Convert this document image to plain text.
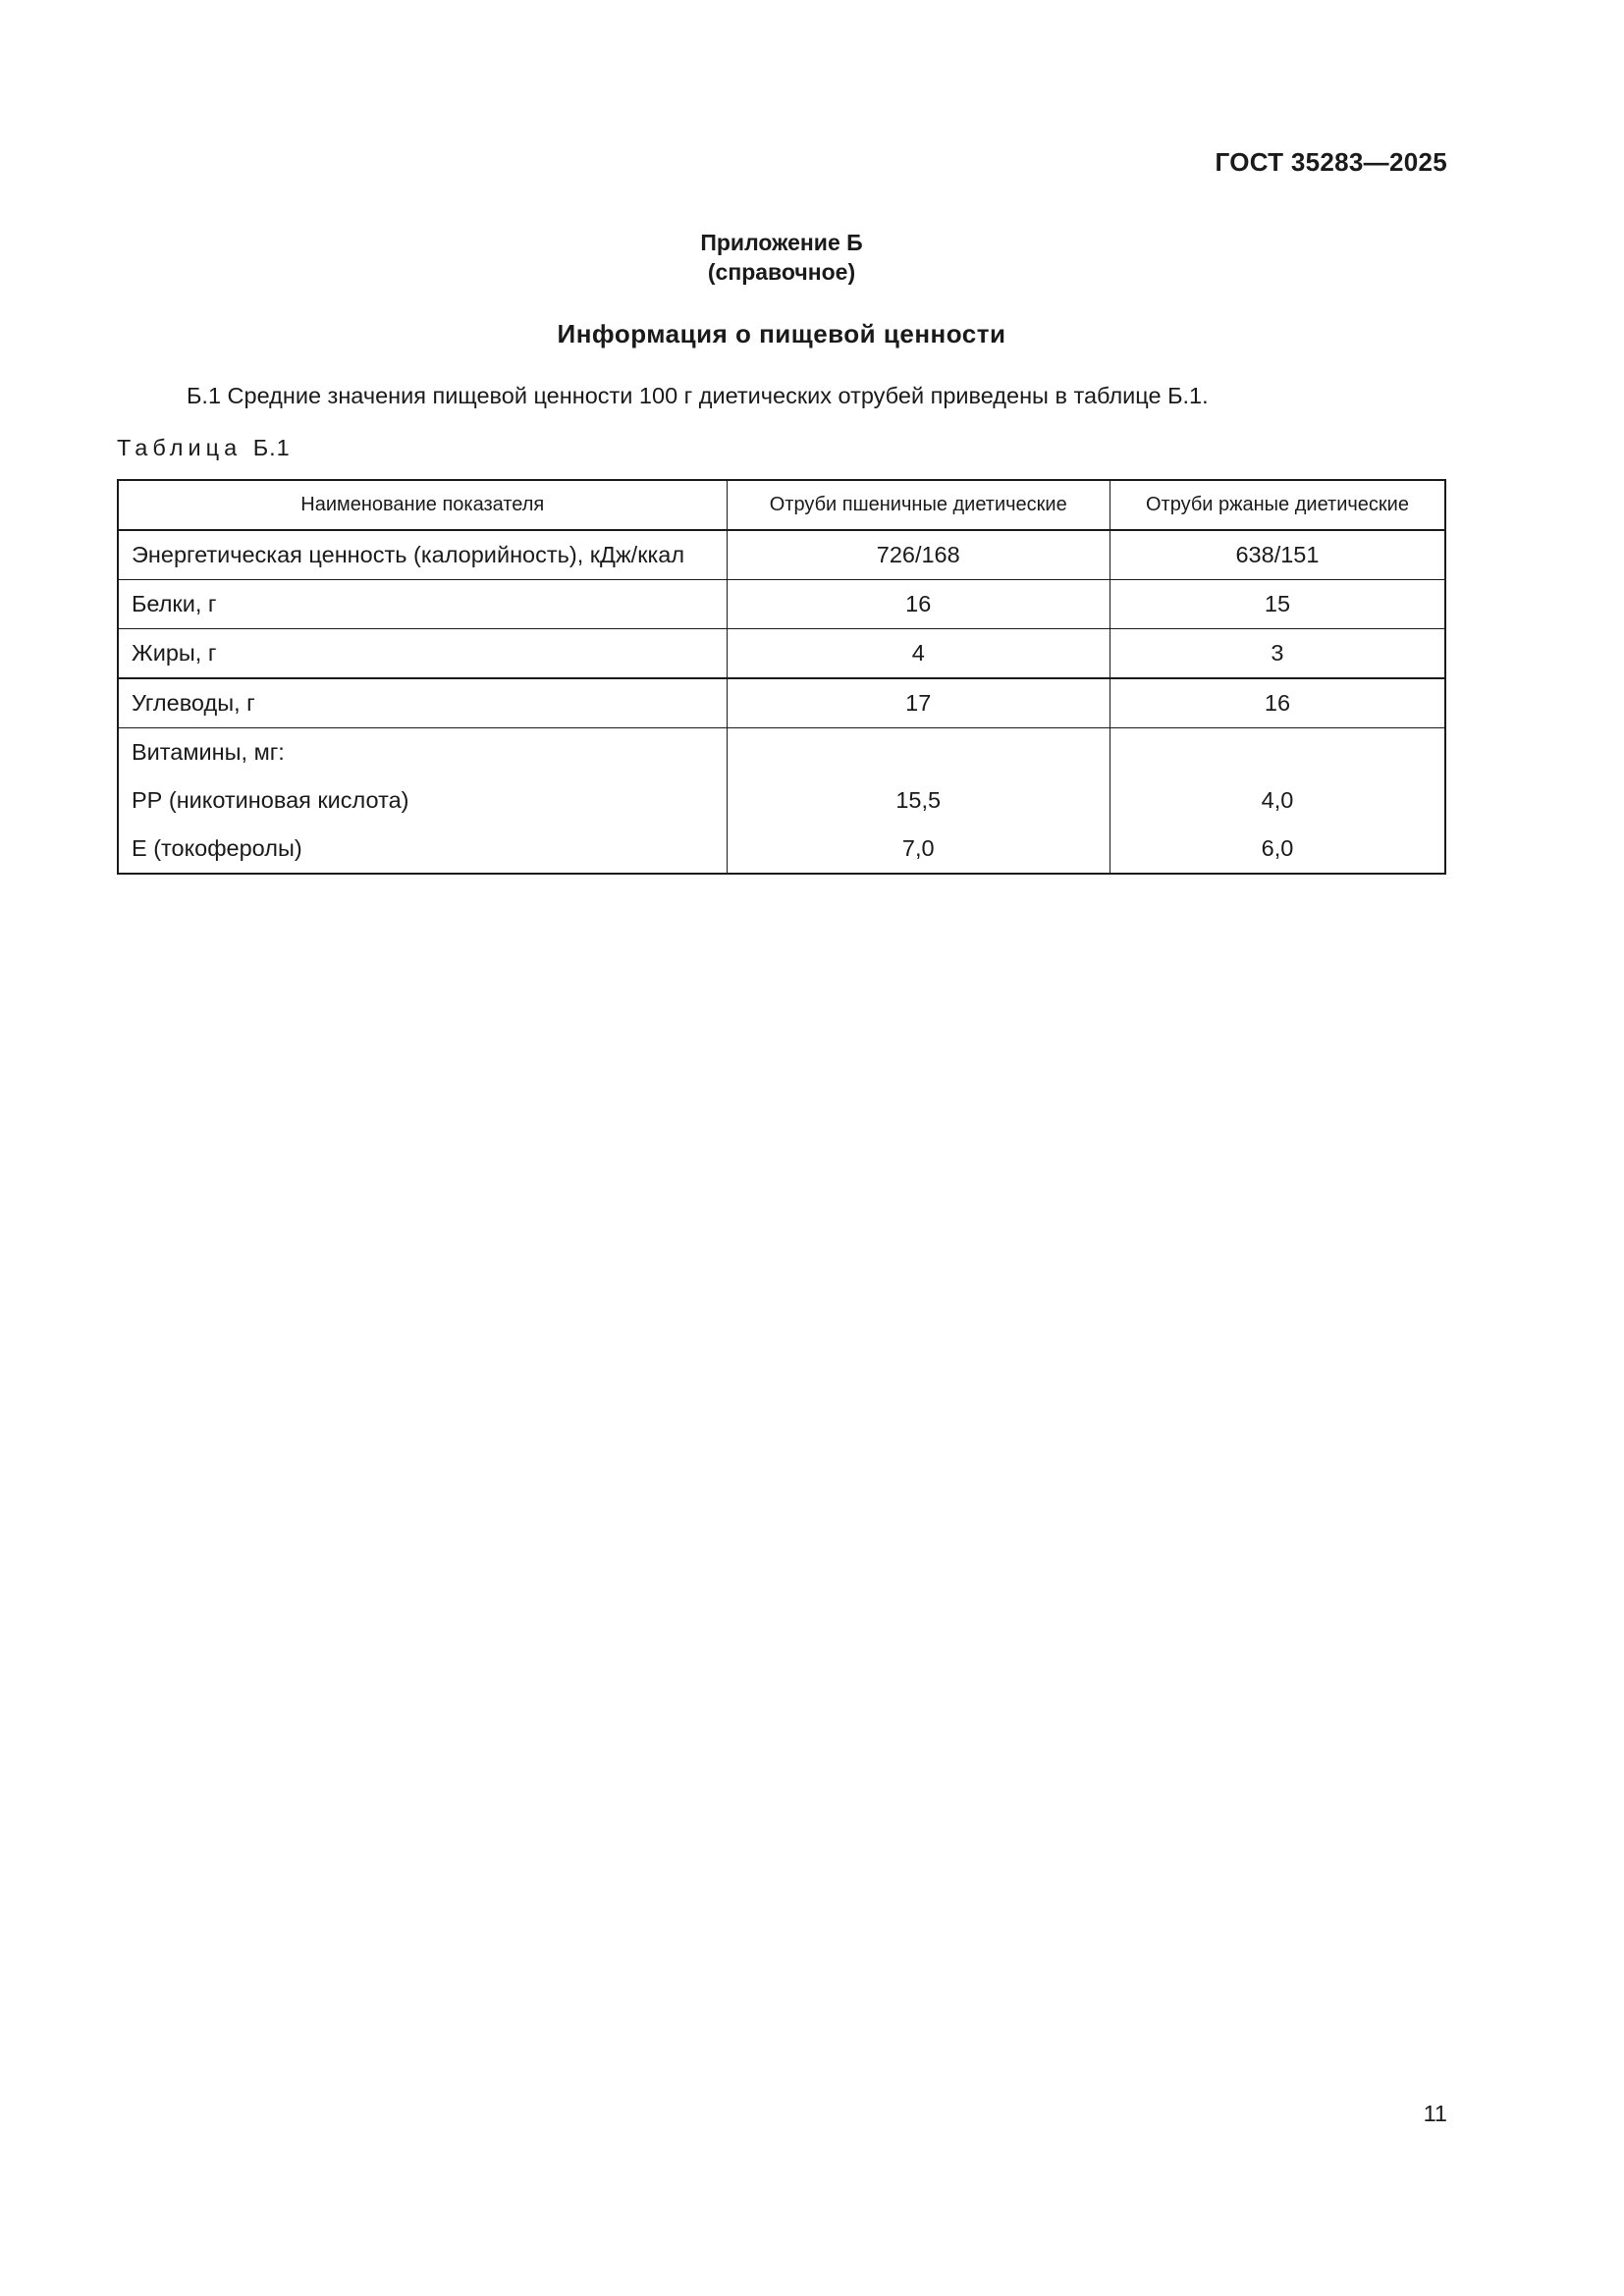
ГОСТ 35283—2025
Приложение Б
(справочное)
Информация о пищевой ценности
Б.1 Средние значения пищевой ценности 100 г диетических отрубей приведены в таблице Б.1.
Таблица Б.1
Наименование показателя	Отруби пшеничные диетические	Отруби ржаные диетические
Энергетическая ценность (калорийность), кДж/ккал	726/168	638/151
Белки, г	16	15
Жиры, г	4	3
Углеводы, г	17	16
Витамины, мг:		
РР (никотиновая кислота)	15,5	4,0
Е (токоферолы)	7,0	6,0
11
